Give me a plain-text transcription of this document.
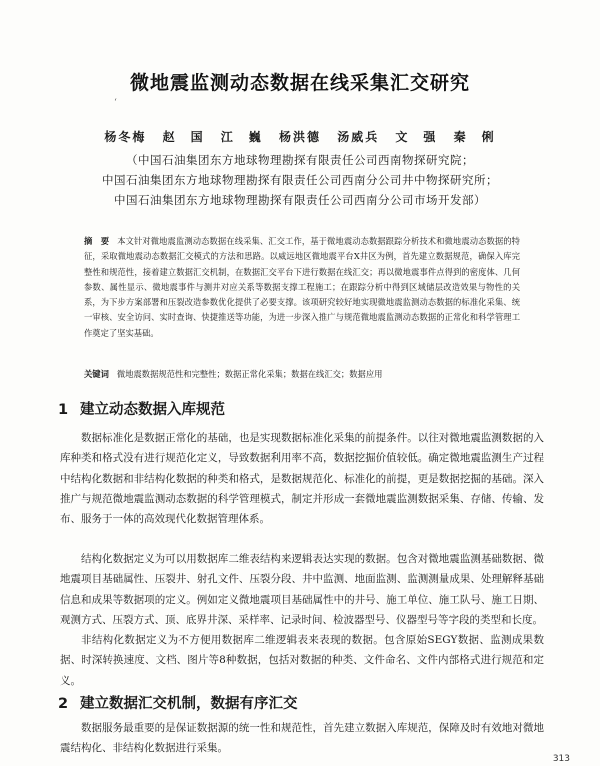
微地震监测动态数据在线采集汇交研究
‘
杨冬梅 赵　国 江　巍 杨洪德 汤威兵 文　强 秦　俐
（中国石油集团东方地球物理勘探有限责任公司西南物探研究院；
中国石油集团东方地球物理勘探有限责任公司西南分公司井中物探研究所；
中国石油集团东方地球物理勘探有限责任公司西南分公司市场开发部）
摘　要 本文针对微地震监测动态数据在线采集、汇交工作，基于微地震动态数据跟踪分析技术和微地震动态数据的特征，采取微地震动态数据汇交模式的方法和思路。以威远地区微地震平台X井区为例，首先建立数据规范，确保入库完整性和规范性，接着建立数据汇交机制，在数据汇交平台下进行数据在线汇交；再以微地震事件点得到的密度体、几何参数、属性显示、微地震事件与测井对应关系等数据支撑工程施工；在跟踪分析中得到区域储层改造效果与物性的关系，为下步方案部署和压裂改造参数优化提供了必要支撑。该项研究较好地实现微地震监测动态数据的标准化采集、统一审核、安全访问、实时查询、快捷推送等功能，为进一步深入推广与规范微地震监测动态数据的正常化和科学管理工作奠定了坚实基础。
关键词 微地震数据规范性和完整性；数据正常化采集；数据在线汇交；数据应用
1 建立动态数据入库规范
数据标准化是数据正常化的基础，也是实现数据标准化采集的前提条件。以往对微地震监测数据的入库种类和格式没有进行规范化定义，导致数据利用率不高，数据挖掘价值较低。确定微地震监测生产过程中结构化数据和非结构化数据的种类和格式，是数据规范化、标准化的前提，更是数据挖掘的基础。深入推广与规范微地震监测动态数据的科学管理模式，制定并形成一套微地震监测数据采集、存储、传输、发布、服务于一体的高效现代化数据管理体系。
结构化数据定义为可以用数据库二维表结构来逻辑表达实现的数据。包含对微地震监测基础数据、微地震项目基础属性、压裂井、射孔文件、压裂分段、井中监测、地面监测、监测测量成果、处理解释基础信息和成果等数据项的定义。例如定义微地震项目基础属性中的井号、施工单位、施工队号、施工日期、观测方式、压裂方式、顶、底界井深、采样率、记录时间、检波器型号、仪器型号等字段的类型和长度。
非结构化数据定义为不方便用数据库二维逻辑表来表现的数据。包含原始SEGY数据、监测成果数据、时深转换速度、文档、图片等8种数据，包括对数据的种类、文件命名、文件内部格式进行规范和定义。
2 建立数据汇交机制，数据有序汇交
数据服务最重要的是保证数据源的统一性和规范性，首先建立数据入库规范，保障及时有效地对微地震结构化、非结构化数据进行采集。
313
